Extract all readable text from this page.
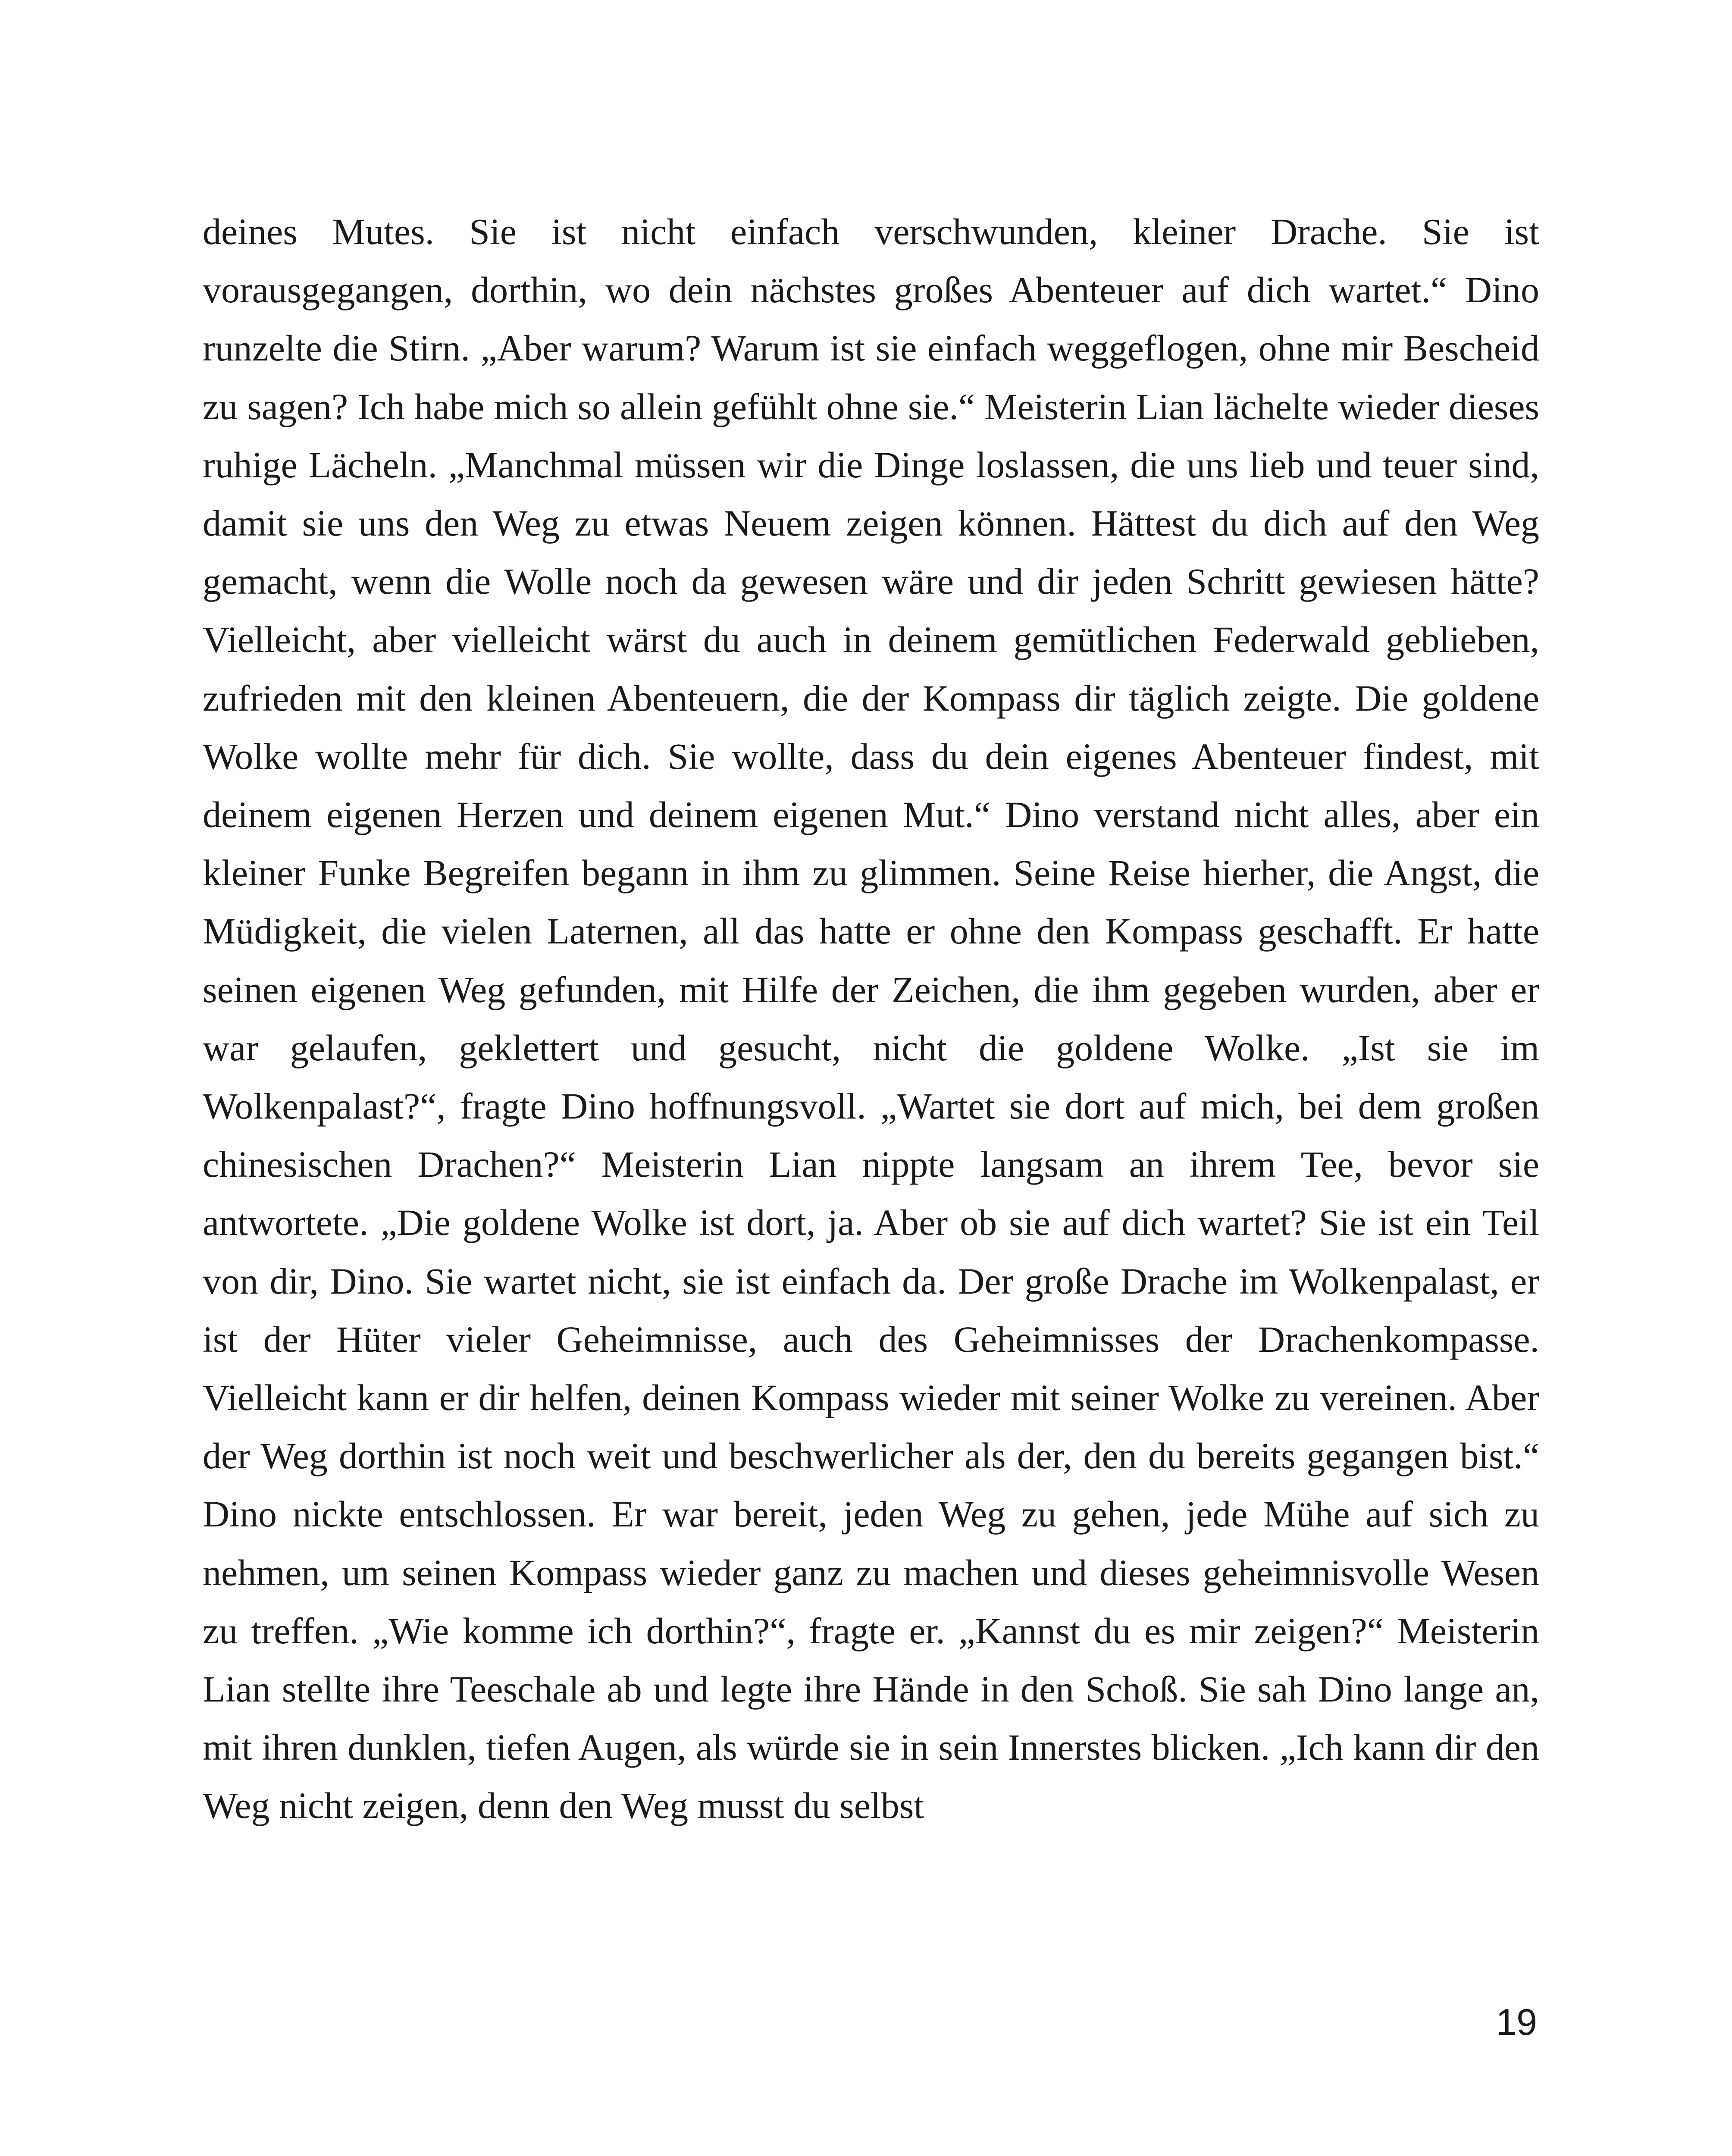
deines Mutes. Sie ist nicht einfach verschwunden, kleiner Drache. Sie ist vorausgegangen, dorthin, wo dein nächstes großes Abenteuer auf dich wartet.“ Dino runzelte die Stirn. „Aber warum? Warum ist sie einfach weggeflogen, ohne mir Bescheid zu sagen? Ich habe mich so allein gefühlt ohne sie.“ Meisterin Lian lächelte wieder dieses ruhige Lächeln. „Manchmal müssen wir die Dinge loslassen, die uns lieb und teuer sind, damit sie uns den Weg zu etwas Neuem zeigen können. Hättest du dich auf den Weg gemacht, wenn die Wolle noch da gewesen wäre und dir jeden Schritt gewiesen hätte? Vielleicht, aber vielleicht wärst du auch in deinem gemütlichen Federwald geblieben, zufrieden mit den kleinen Abenteuern, die der Kompass dir täglich zeigte. Die goldene Wolke wollte mehr für dich. Sie wollte, dass du dein eigenes Abenteuer findest, mit deinem eigenen Herzen und deinem eigenen Mut.“ Dino verstand nicht alles, aber ein kleiner Funke Begreifen begann in ihm zu glimmen. Seine Reise hierher, die Angst, die Müdigkeit, die vielen Laternen, all das hatte er ohne den Kompass geschafft. Er hatte seinen eigenen Weg gefunden, mit Hilfe der Zeichen, die ihm gegeben wurden, aber er war gelaufen, geklettert und gesucht, nicht die goldene Wolke. „Ist sie im Wolkenpalast?“, fragte Dino hoffnungsvoll. „Wartet sie dort auf mich, bei dem großen chinesischen Drachen?“ Meisterin Lian nippte langsam an ihrem Tee, bevor sie antwortete. „Die goldene Wolke ist dort, ja. Aber ob sie auf dich wartet? Sie ist ein Teil von dir, Dino. Sie wartet nicht, sie ist einfach da. Der große Drache im Wolkenpalast, er ist der Hüter vieler Geheimnisse, auch des Geheimnisses der Drachenkompasse. Vielleicht kann er dir helfen, deinen Kompass wieder mit seiner Wolke zu vereinen. Aber der Weg dorthin ist noch weit und beschwerlicher als der, den du bereits gegangen bist.“ Dino nickte entschlossen. Er war bereit, jeden Weg zu gehen, jede Mühe auf sich zu nehmen, um seinen Kompass wieder ganz zu machen und dieses geheimnisvolle Wesen zu treffen. „Wie komme ich dorthin?“, fragte er. „Kannst du es mir zeigen?“ Meisterin Lian stellte ihre Teeschale ab und legte ihre Hände in den Schoß. Sie sah Dino lange an, mit ihren dunklen, tiefen Augen, als würde sie in sein Innerstes blicken. „Ich kann dir den Weg nicht zeigen, denn den Weg musst du selbst

19
